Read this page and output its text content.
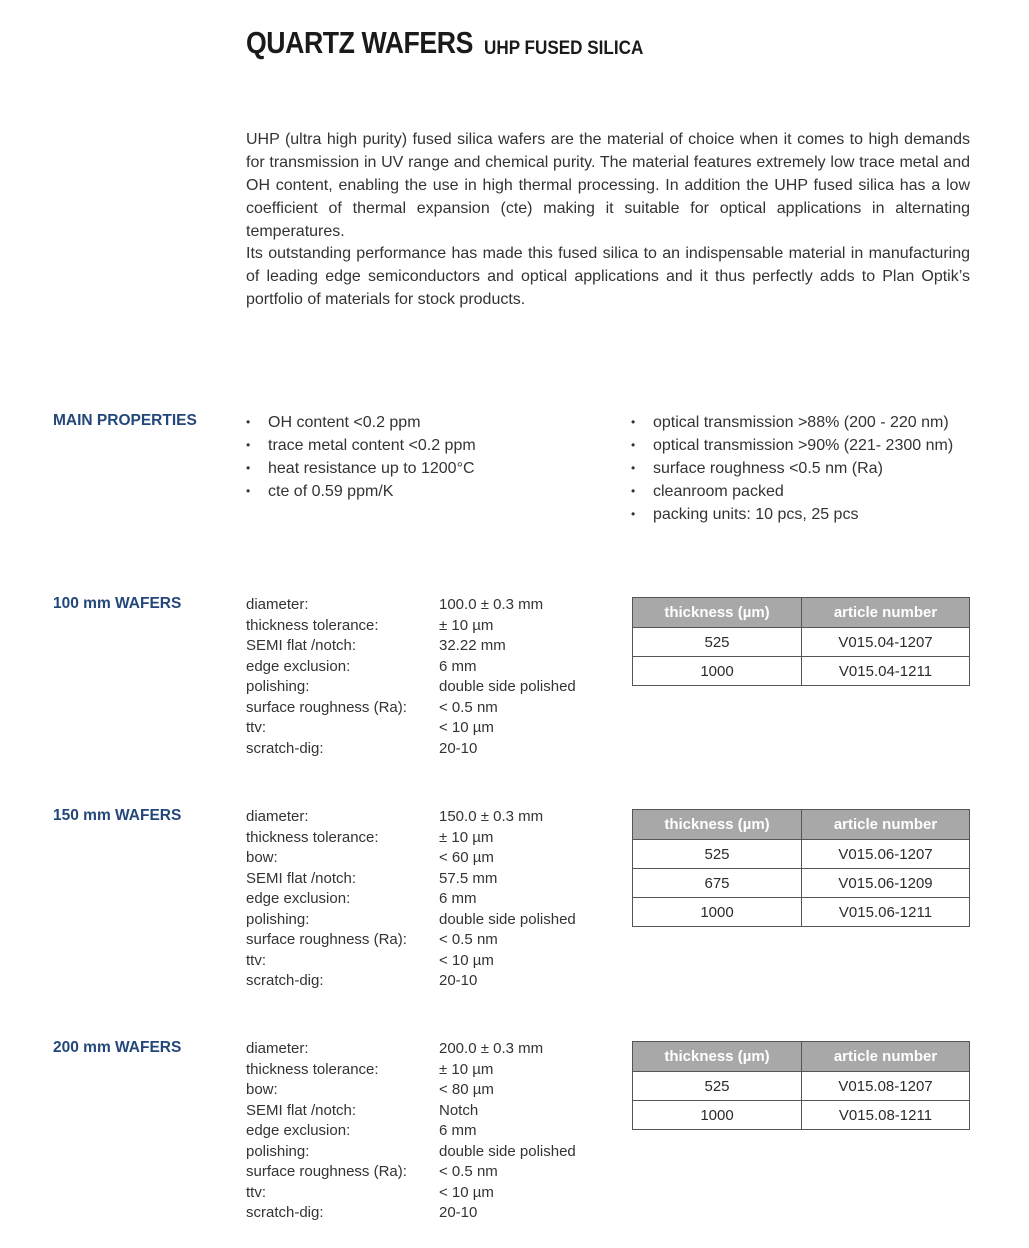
QUARTZ WAFERS UHP FUSED SILICA

UHP (ultra high purity) fused silica wafers are the material of choice when it comes to high demands for transmission in UV range and chemical purity. The material features extremely low trace metal and OH content, enabling the use in high thermal processing. In addition the UHP fused silica has a low coefficient of thermal expansion (cte) making it suitable for optical applications in alternating temperatures.

Its outstanding performance has made this fused silica to an indispensable material in manufacturing of leading edge semiconductors and optical applications and it thus perfectly adds to Plan Optik’s portfolio of materials for stock products.

MAIN PROPERTIES	• OH content <0.2 ppm
• trace metal content <0.2 ppm
• heat resistance up to 1200°C
• cte of 0.59 ppm/K
• optical transmission >88% (200 - 220 nm)
• optical transmission >90% (221- 2300 nm)
• surface roughness <0.5 nm (Ra)
• cleanroom packed
• packing units: 10 pcs, 25 pcs
100 mm WAFERS	diameter:	100.0 ± 0.3 mm
thickness tolerance:	± 10 µm
SEMI flat /notch:	32.22 mm
edge exclusion:	6 mm
polishing:	double side polished
surface roughness (Ra):	< 0.5 nm
ttv:	< 10 µm
scratch-dig:	20-10
thickness (µm)	article number
525	V015.04-1207
1000	V015.04-1211
150 mm WAFERS	diameter:	150.0 ± 0.3 mm
thickness tolerance:	± 10 µm
bow:	< 60 µm
SEMI flat /notch:	57.5 mm
edge exclusion:	6 mm
polishing:	double side polished
surface roughness (Ra):	< 0.5 nm
ttv:	< 10 µm
scratch-dig:	20-10
thickness (µm)	article number
525	V015.06-1207
675	V015.06-1209
1000	V015.06-1211
200 mm WAFERS	diameter:	200.0 ± 0.3 mm
thickness tolerance:	± 10 µm
bow:	< 80 µm
SEMI flat /notch:	Notch
edge exclusion:	6 mm
polishing:	double side polished
surface roughness (Ra):	< 0.5 nm
ttv:	< 10 µm
scratch-dig:	20-10
thickness (µm)	article number
525	V015.08-1207
1000	V015.08-1211
